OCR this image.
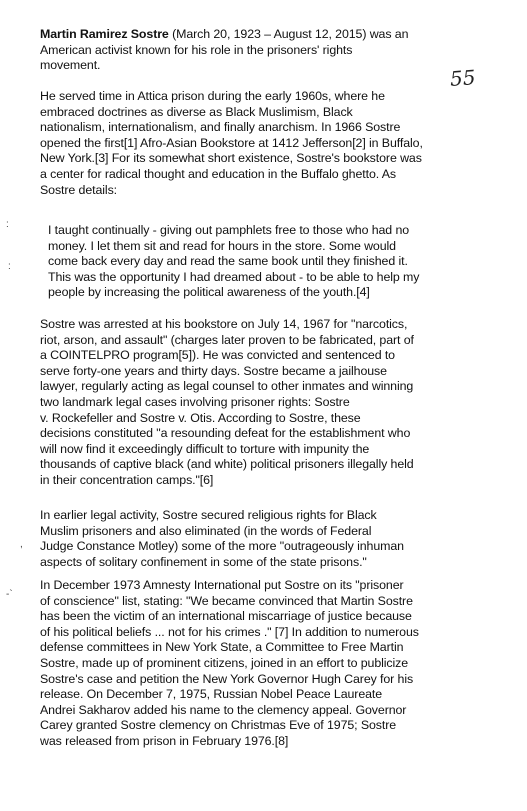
55
:
:
,
-`

Martin Ramirez Sostre (March 20, 1923 – August 12, 2015) was an
American activist known for his role in the prisoners' rights
movement.

He served time in Attica prison during the early 1960s, where he
embraced doctrines as diverse as Black Muslimism, Black
nationalism, internationalism, and finally anarchism. In 1966 Sostre
opened the first[1] Afro-Asian Bookstore at 1412 Jefferson[2] in Buffalo,
New York.[3] For its somewhat short existence, Sostre's bookstore was
a center for radical thought and education in the Buffalo ghetto. As
Sostre details:

I taught continually - giving out pamphlets free to those who had no
money. I let them sit and read for hours in the store. Some would
come back every day and read the same book until they finished it.
This was the opportunity I had dreamed about - to be able to help my
people by increasing the political awareness of the youth.[4]

Sostre was arrested at his bookstore on July 14, 1967 for "narcotics,
riot, arson, and assault" (charges later proven to be fabricated, part of
a COINTELPRO program[5]). He was convicted and sentenced to
serve forty-one years and thirty days. Sostre became a jailhouse
lawyer, regularly acting as legal counsel to other inmates and winning
two landmark legal cases involving prisoner rights: Sostre
v. Rockefeller and Sostre v. Otis. According to Sostre, these
decisions constituted "a resounding defeat for the establishment who
will now find it exceedingly difficult to torture with impunity the
thousands of captive black (and white) political prisoners illegally held
in their concentration camps."[6]

In earlier legal activity, Sostre secured religious rights for Black
Muslim prisoners and also eliminated (in the words of Federal
Judge Constance Motley) some of the more "outrageously inhuman
aspects of solitary confinement in some of the state prisons."

In December 1973 Amnesty International put Sostre on its "prisoner
of conscience" list, stating: "We became convinced that Martin Sostre
has been the victim of an international miscarriage of justice because
of his political beliefs ... not for his crimes ." [7] In addition to numerous
defense committees in New York State, a Committee to Free Martin
Sostre, made up of prominent citizens, joined in an effort to publicize
Sostre's case and petition the New York Governor Hugh Carey for his
release. On December 7, 1975, Russian Nobel Peace Laureate
Andrei Sakharov added his name to the clemency appeal. Governor
Carey granted Sostre clemency on Christmas Eve of 1975; Sostre
was released from prison in February 1976.[8]
